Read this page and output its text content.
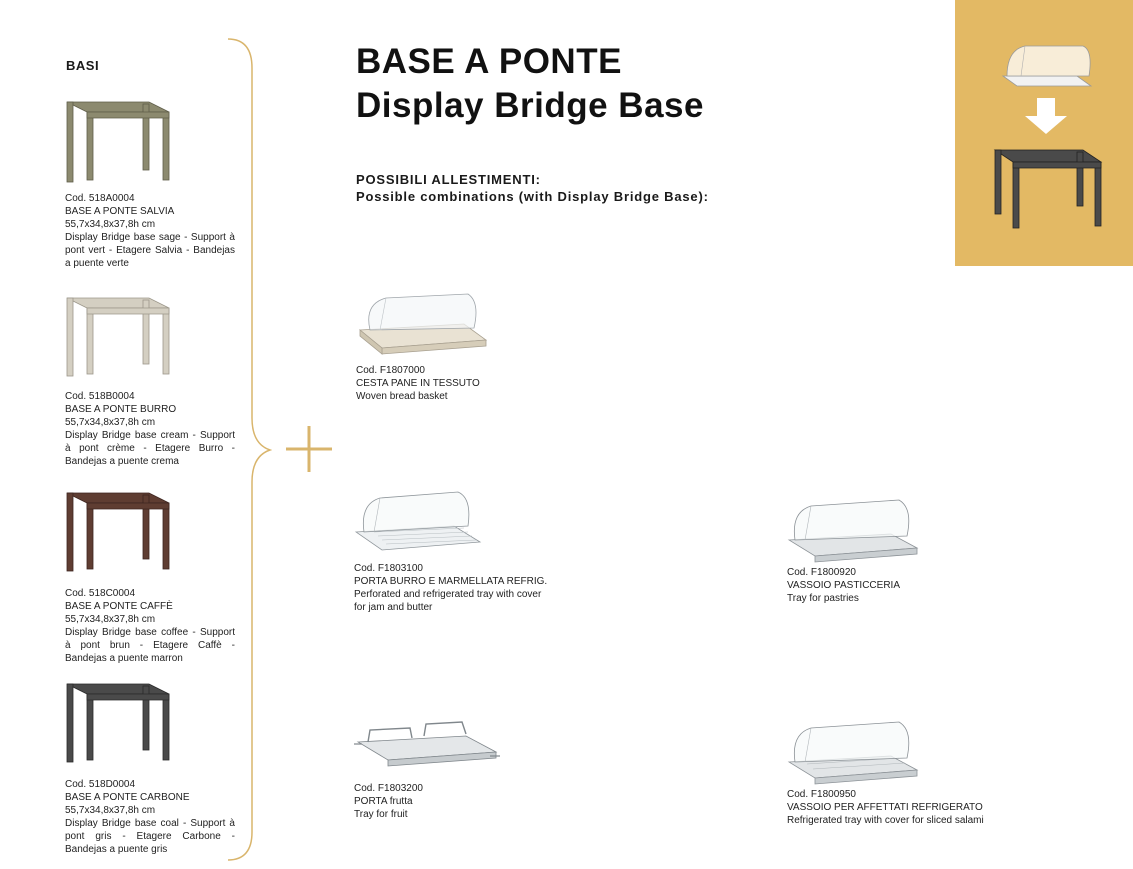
BASI
Cod. 518A0004
BASE A PONTE SALVIA
55,7x34,8x37,8h cm
Display Bridge base sage - Support à pont vert - Etagere Salvia - Bandejas a puente verte
Cod. 518B0004
BASE A PONTE BURRO
55,7x34,8x37,8h cm
Display Bridge base cream - Support à pont crème - Etagere Burro - Bandejas a puente crema
Cod. 518C0004
BASE A PONTE CAFFÈ
55,7x34,8x37,8h cm
Display Bridge base coffee - Support à pont brun - Etagere Caffè - Bandejas a puente marron
Cod. 518D0004
BASE A PONTE CARBONE
55,7x34,8x37,8h cm
Display Bridge base coal - Support à pont gris - Etagere Carbone - Bandejas a puente gris
BASE A PONTE
Display Bridge Base
POSSIBILI ALLESTIMENTI:
Possible combinations (with Display Bridge Base):
Cod. F1807000
CESTA PANE IN TESSUTO
Woven bread basket
Cod. F1803100
PORTA BURRO E MARMELLATA REFRIG.
Perforated and refrigerated tray with cover
for jam and butter
Cod. F1800920
VASSOIO PASTICCERIA
Tray for pastries
Cod. F1803200
PORTA frutta
Tray for fruit
Cod. F1800950
VASSOIO PER AFFETTATI REFRIGERATO
Refrigerated tray with cover for sliced salami
